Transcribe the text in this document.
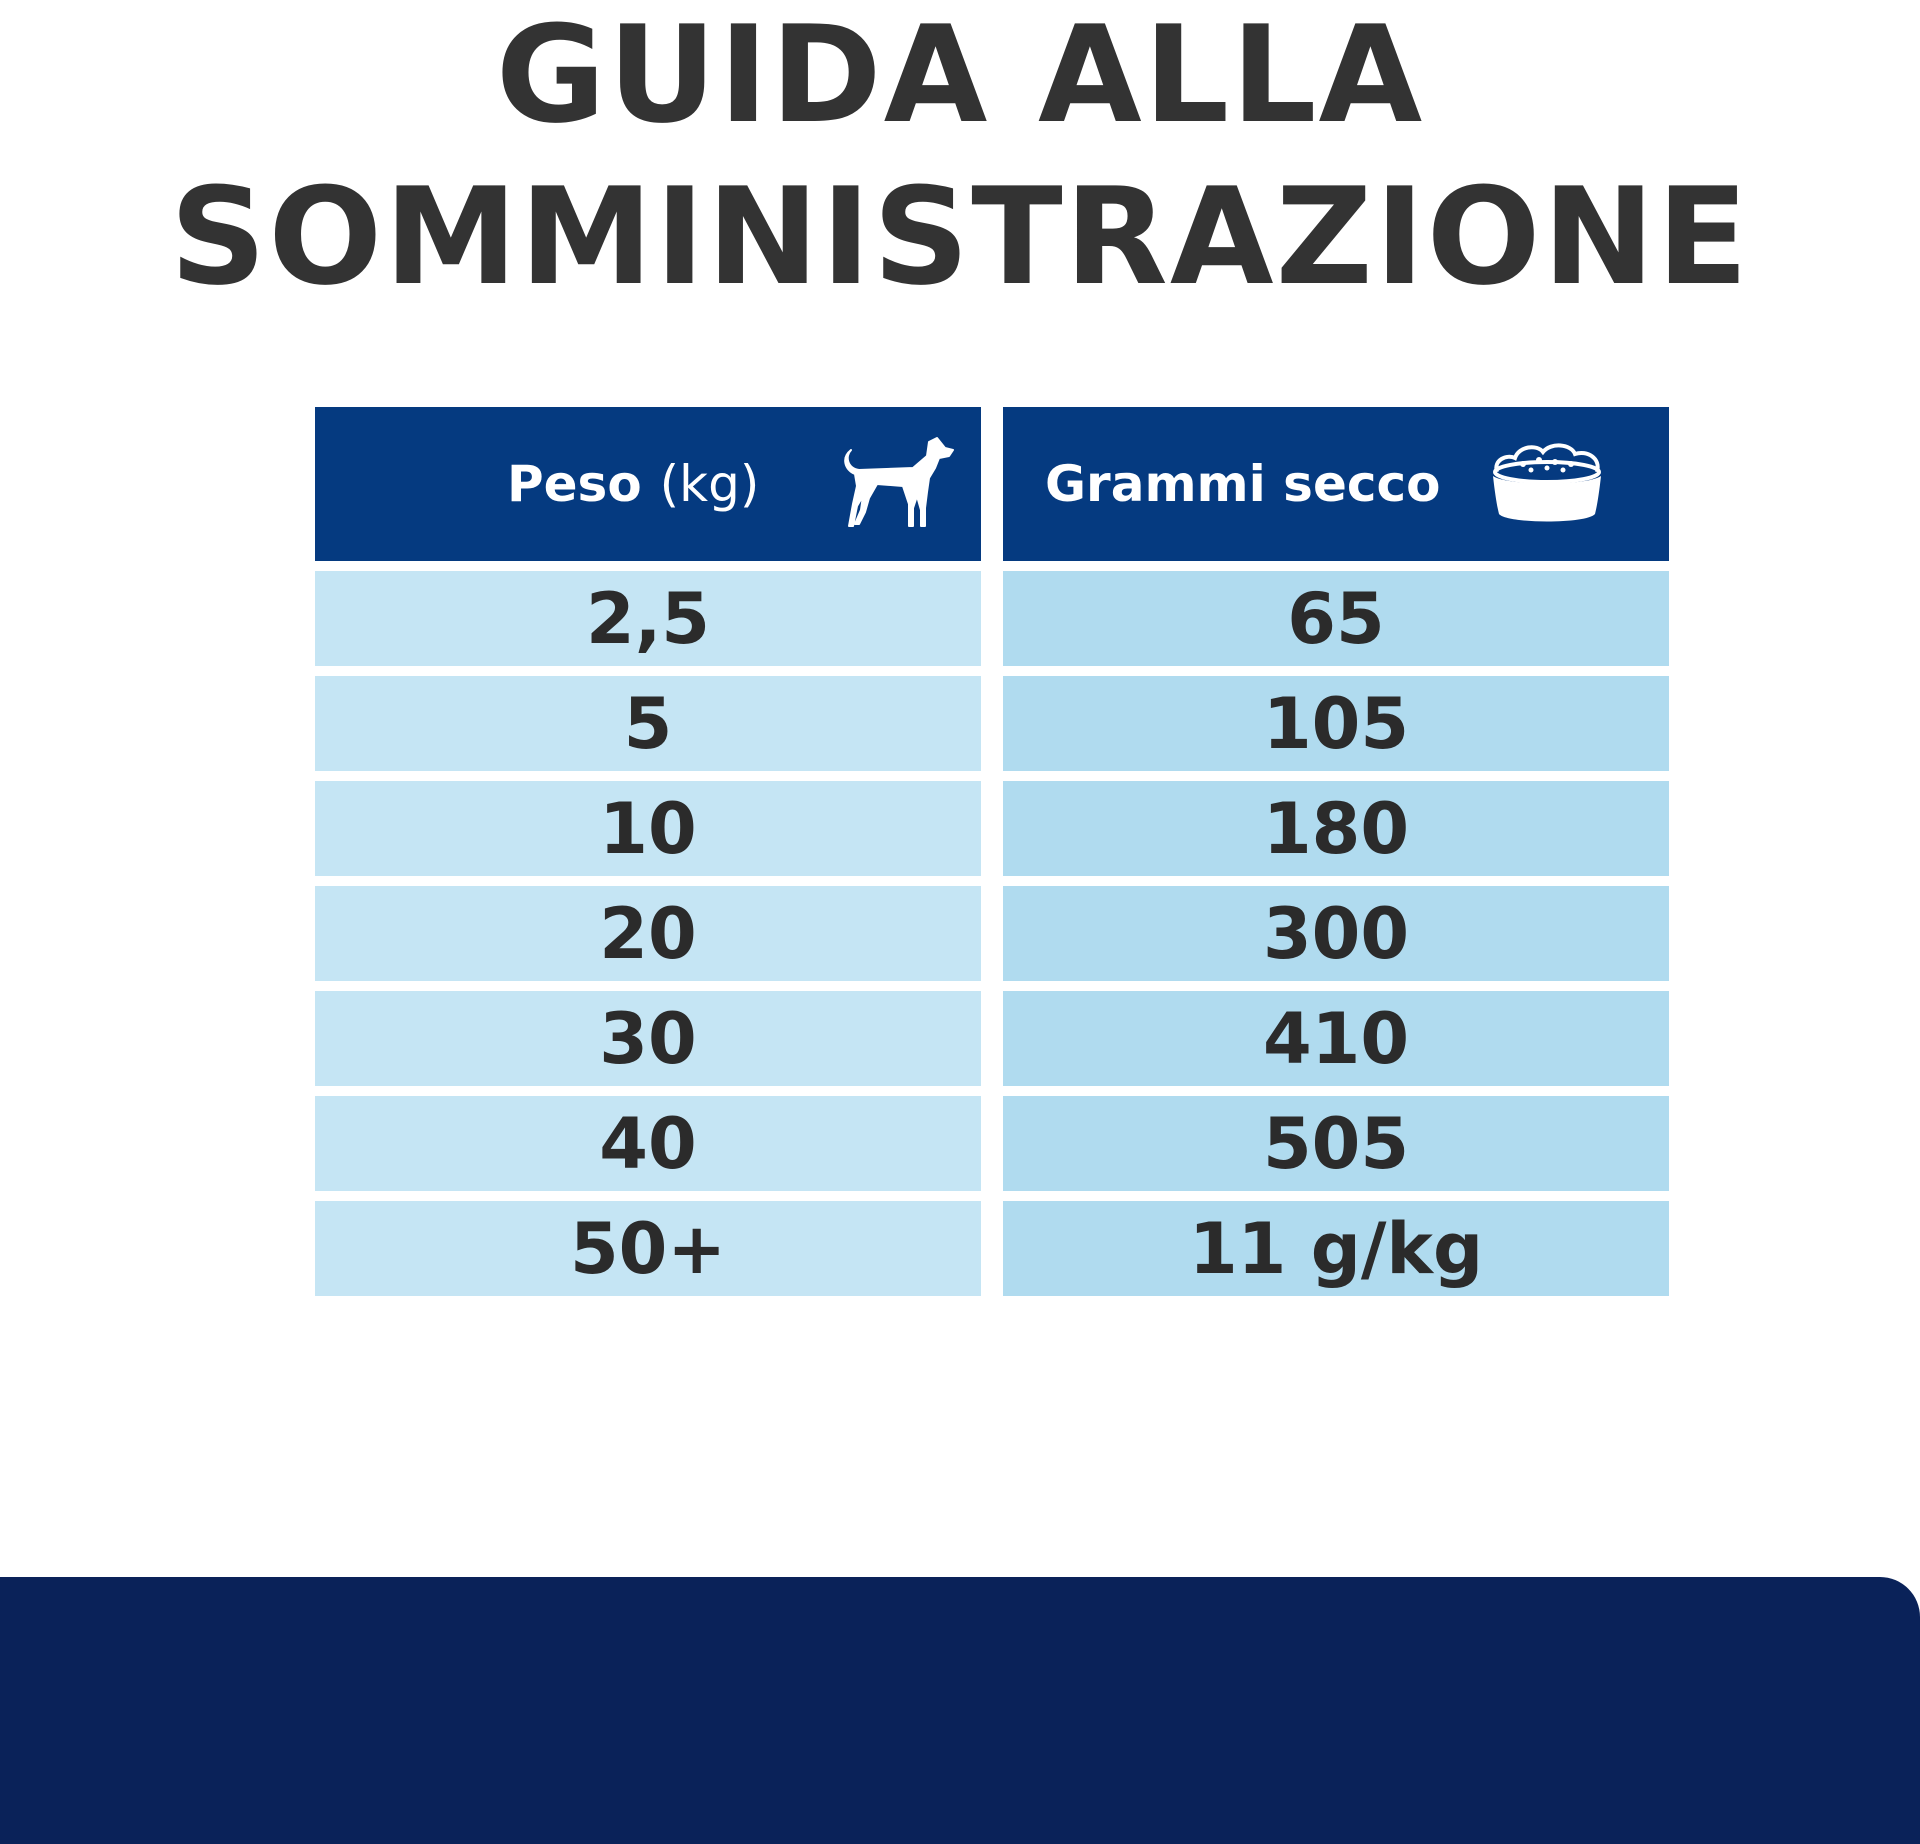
GUIDA ALLA
SOMMINISTRAZIONE
Peso (kg)	Grammi secco
2,5	65
5	105
10	180
20	300
30	410
40	505
50+	11 g/kg
